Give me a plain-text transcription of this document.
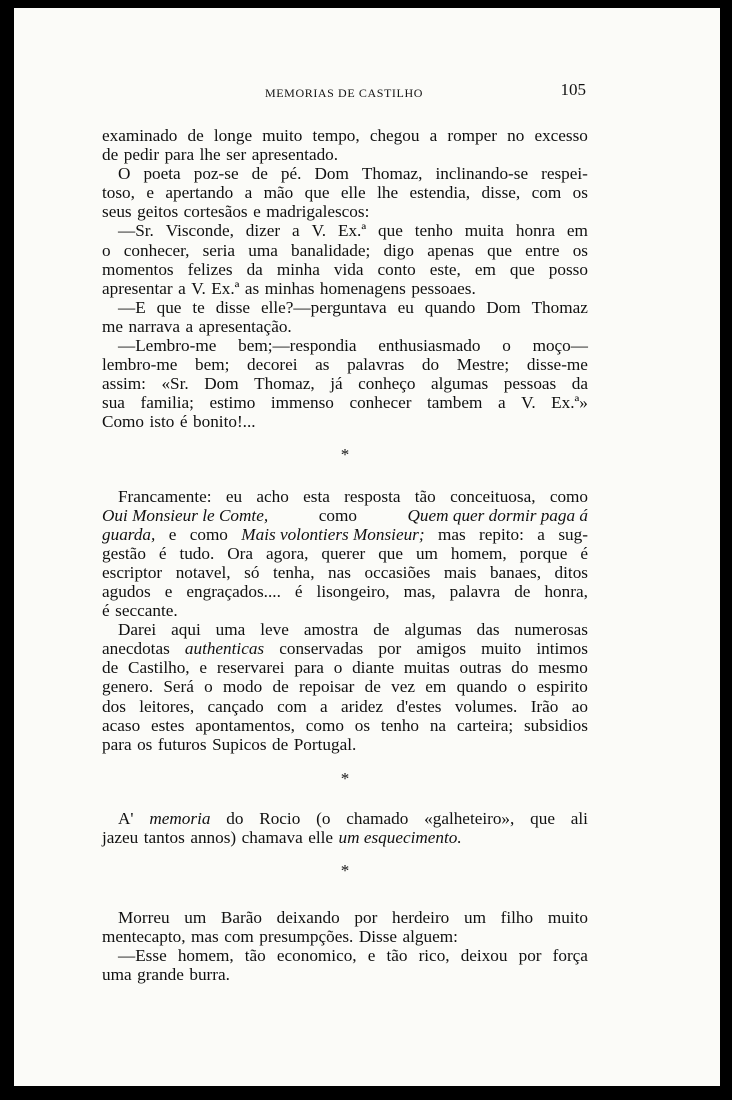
MEMORIAS DE CASTILHO	105
examinado de longe muito tempo, chegou a romper no excesso
de pedir para lhe ser apresentado.
O poeta poz-se de pé. Dom Thomaz, inclinando-se respei-
toso, e apertando a mão que elle lhe estendia, disse, com os
seus geitos cortesãos e madrigalescos:
—Sr. Visconde, dizer a V. Ex.ª que tenho muita honra em
o conhecer, seria uma banalidade; digo apenas que entre os
momentos felizes da minha vida conto este, em que posso
apresentar a V. Ex.ª as minhas homenagens pessoaes.
—E que te disse elle?—perguntava eu quando Dom Thomaz
me narrava a apresentação.
—Lembro-me bem;—respondia enthusiasmado o moço—
lembro-me bem; decorei as palavras do Mestre; disse-me
assim: «Sr. Dom Thomaz, já conheço algumas pessoas da
sua familia; estimo immenso conhecer tambem a V. Ex.ª»
Como isto é bonito!...
*
Francamente: eu acho esta resposta tão conceituosa, como
Oui Monsieur le Comte,	como	Quem quer dormir paga á
guarda, e como Mais volontiers Monsieur; mas repito: a sug-
gestão é tudo. Ora agora, querer que um homem, porque é
escriptor notavel, só tenha, nas occasiões mais banaes, ditos
agudos e engraçados.... é lisongeiro, mas, palavra de honra,
é seccante.
Darei aqui uma leve amostra de algumas das numerosas
anecdotas authenticas conservadas por amigos muito intimos
de Castilho, e reservarei para o diante muitas outras do mesmo
genero. Será o modo de repoisar de vez em quando o espirito
dos leitores, cançado com a aridez d'estes volumes. Irão ao
acaso estes apontamentos, como os tenho na carteira; subsidios
para os futuros Supicos de Portugal.
*
A' memoria do Rocio (o chamado «galheteiro», que ali
jazeu tantos annos) chamava elle um esquecimento.
*
Morreu um Barão deixando por herdeiro um filho muito
mentecapto, mas com presumpções. Disse alguem:
—Esse homem, tão economico, e tão rico, deixou por força
uma grande burra.
